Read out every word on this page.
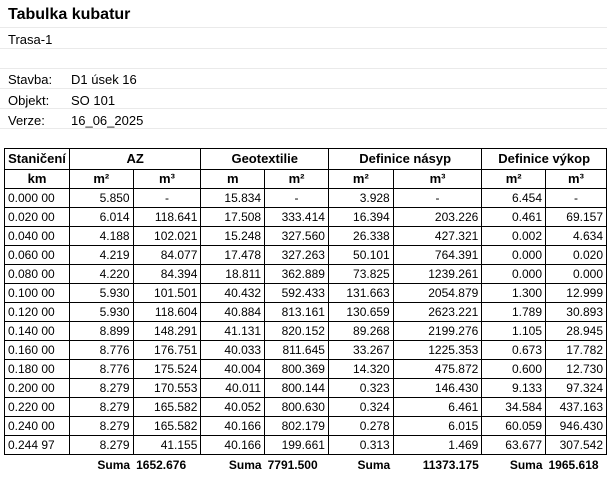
Tabulka kubatur
Trasa-1
Stavba: D1 úsek 16
Objekt: SO 101
Verze: 16_06_2025
Staničení	AZ		Geotextilie		Definice násyp		Definice výkop	
km	m²	m³	m	m²	m²	m³	m²	m³
0.000 00	5.850	-	15.834	-	3.928	-	6.454	-
0.020 00	6.014	118.641	17.508	333.414	16.394	203.226	0.461	69.157
0.040 00	4.188	102.021	15.248	327.560	26.338	427.321	0.002	4.634
0.060 00	4.219	84.077	17.478	327.263	50.101	764.391	0.000	0.020
0.080 00	4.220	84.394	18.811	362.889	73.825	1239.261	0.000	0.000
0.100 00	5.930	101.501	40.432	592.433	131.663	2054.879	1.300	12.999
0.120 00	5.930	118.604	40.884	813.161	130.659	2623.221	1.789	30.893
0.140 00	8.899	148.291	41.131	820.152	89.268	2199.276	1.105	28.945
0.160 00	8.776	176.751	40.033	811.645	33.267	1225.353	0.673	17.782
0.180 00	8.776	175.524	40.004	800.369	14.320	475.872	0.600	12.730
0.200 00	8.279	170.553	40.011	800.144	0.323	146.430	9.133	97.324
0.220 00	8.279	165.582	40.052	800.630	0.324	6.461	34.584	437.163
0.240 00	8.279	165.582	40.166	802.179	0.278	6.015	60.059	946.430
0.244 97	8.279	41.155	40.166	199.661	0.313	1.469	63.677	307.542
	Suma	1652.676	Suma	7791.500	Suma	11373.175	Suma	1965.618
